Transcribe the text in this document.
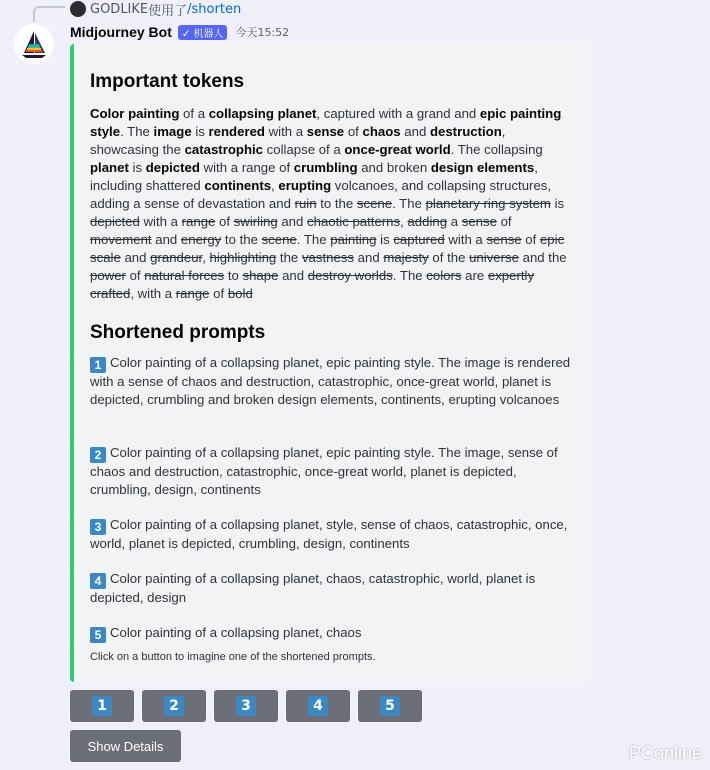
GODLIKE 使用了 /shorten
Midjourney Bot	✓ 机器人	今天15:52
Important tokens
Color painting of a collapsing planet, captured with a grand and epic painting style. The image is rendered with a sense of chaos and destruction, showcasing the catastrophic collapse of a once-great world. The collapsing planet is depicted with a range of crumbling and broken design elements, including shattered continents, erupting volcanoes, and collapsing structures, adding a sense of devastation and ruin to the scene. The planetary ring system is depicted with a range of swirling and chaotic patterns, adding a sense of movement and energy to the scene. The painting is captured with a sense of epic scale and grandeur, highlighting the vastness and majesty of the universe and the power of natural forces to shape and destroy worlds. The colors are expertly crafted, with a range of bold
Shortened prompts
1 Color painting of a collapsing planet, epic painting style. The image is rendered with a sense of chaos and destruction, catastrophic, once-great world, planet is depicted, crumbling and broken design elements, continents, erupting volcanoes
2 Color painting of a collapsing planet, epic painting style. The image, sense of chaos and destruction, catastrophic, once-great world, planet is depicted, crumbling, design, continents
3 Color painting of a collapsing planet, style, sense of chaos, catastrophic, once, world, planet is depicted, crumbling, design, continents
4 Color painting of a collapsing planet, chaos, catastrophic, world, planet is depicted, design
5 Color painting of a collapsing planet, chaos
Click on a button to imagine one of the shortened prompts.
1	2	3	4	5
Show Details	PConline
